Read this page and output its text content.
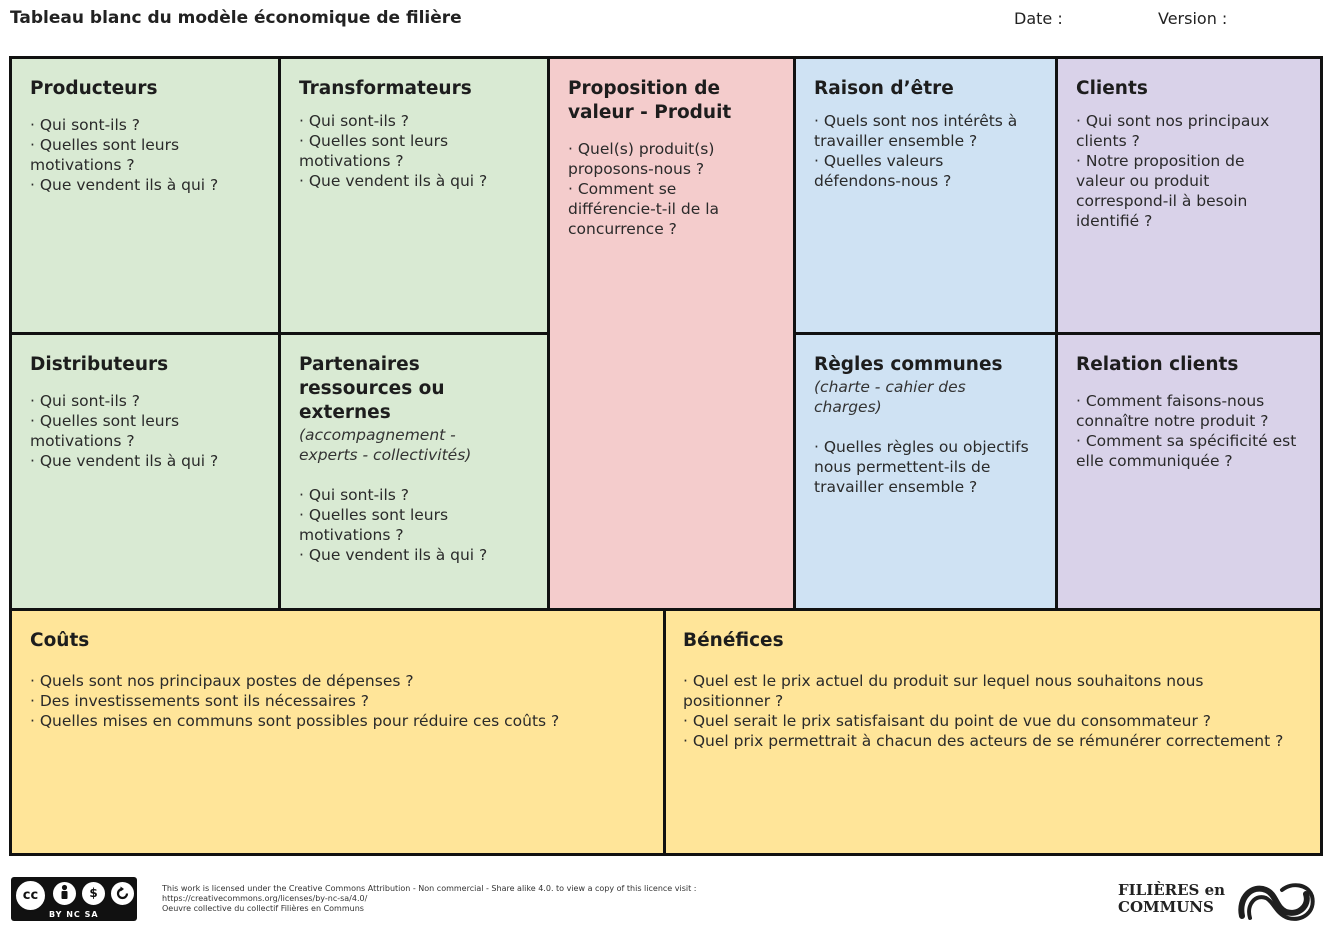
Tableau blanc du modèle économique de filière	Date :	Version :
Producteurs
· Qui sont-ils ?
· Quelles sont leurs motivations ?
· Que vendent ils à qui ?
Transformateurs
· Qui sont-ils ?
· Quelles sont leurs motivations ?
· Que vendent ils à qui ?
Proposition de valeur - Produit
· Quel(s) produit(s) proposons-nous ?
· Comment se différencie-t-il de la concurrence ?
Raison d’être
· Quels sont nos intérêts à travailler ensemble ?
· Quelles valeurs défendons-nous ?
Clients
· Qui sont nos principaux clients ?
· Notre proposition de valeur ou produit correspond-il à besoin identifié ?
Distributeurs
· Qui sont-ils ?
· Quelles sont leurs motivations ?
· Que vendent ils à qui ?
Partenaires ressources ou externes
(accompagnement - experts - collectivités)
· Qui sont-ils ?
· Quelles sont leurs motivations ?
· Que vendent ils à qui ?
Règles communes
(charte - cahier des charges)
· Quelles règles ou objectifs nous permettent-ils de travailler ensemble ?
Relation clients
· Comment faisons-nous connaître notre produit ?
· Comment sa spécificité est elle communiquée ?
Coûts
· Quels sont nos principaux postes de dépenses ?
· Des investissements sont ils nécessaires ?
· Quelles mises en communs sont possibles pour réduire ces coûts ?
Bénéfices
· Quel est le prix actuel du produit sur lequel nous souhaitons nous positionner ?
· Quel serait le prix satisfaisant du point de vue du consommateur ?
· Quel prix permettrait à chacun des acteurs de se rémunérer correctement ?
cc	$
BY NC SA
This work is licensed under the Creative Commons Attribution - Non commercial - Share alike 4.0. to view a copy of this licence visit :
https://creativecommons.org/licenses/by-nc-sa/4.0/
Oeuvre collective du collectif Filières en Communs
FILIÈRES en
COMMUNS
